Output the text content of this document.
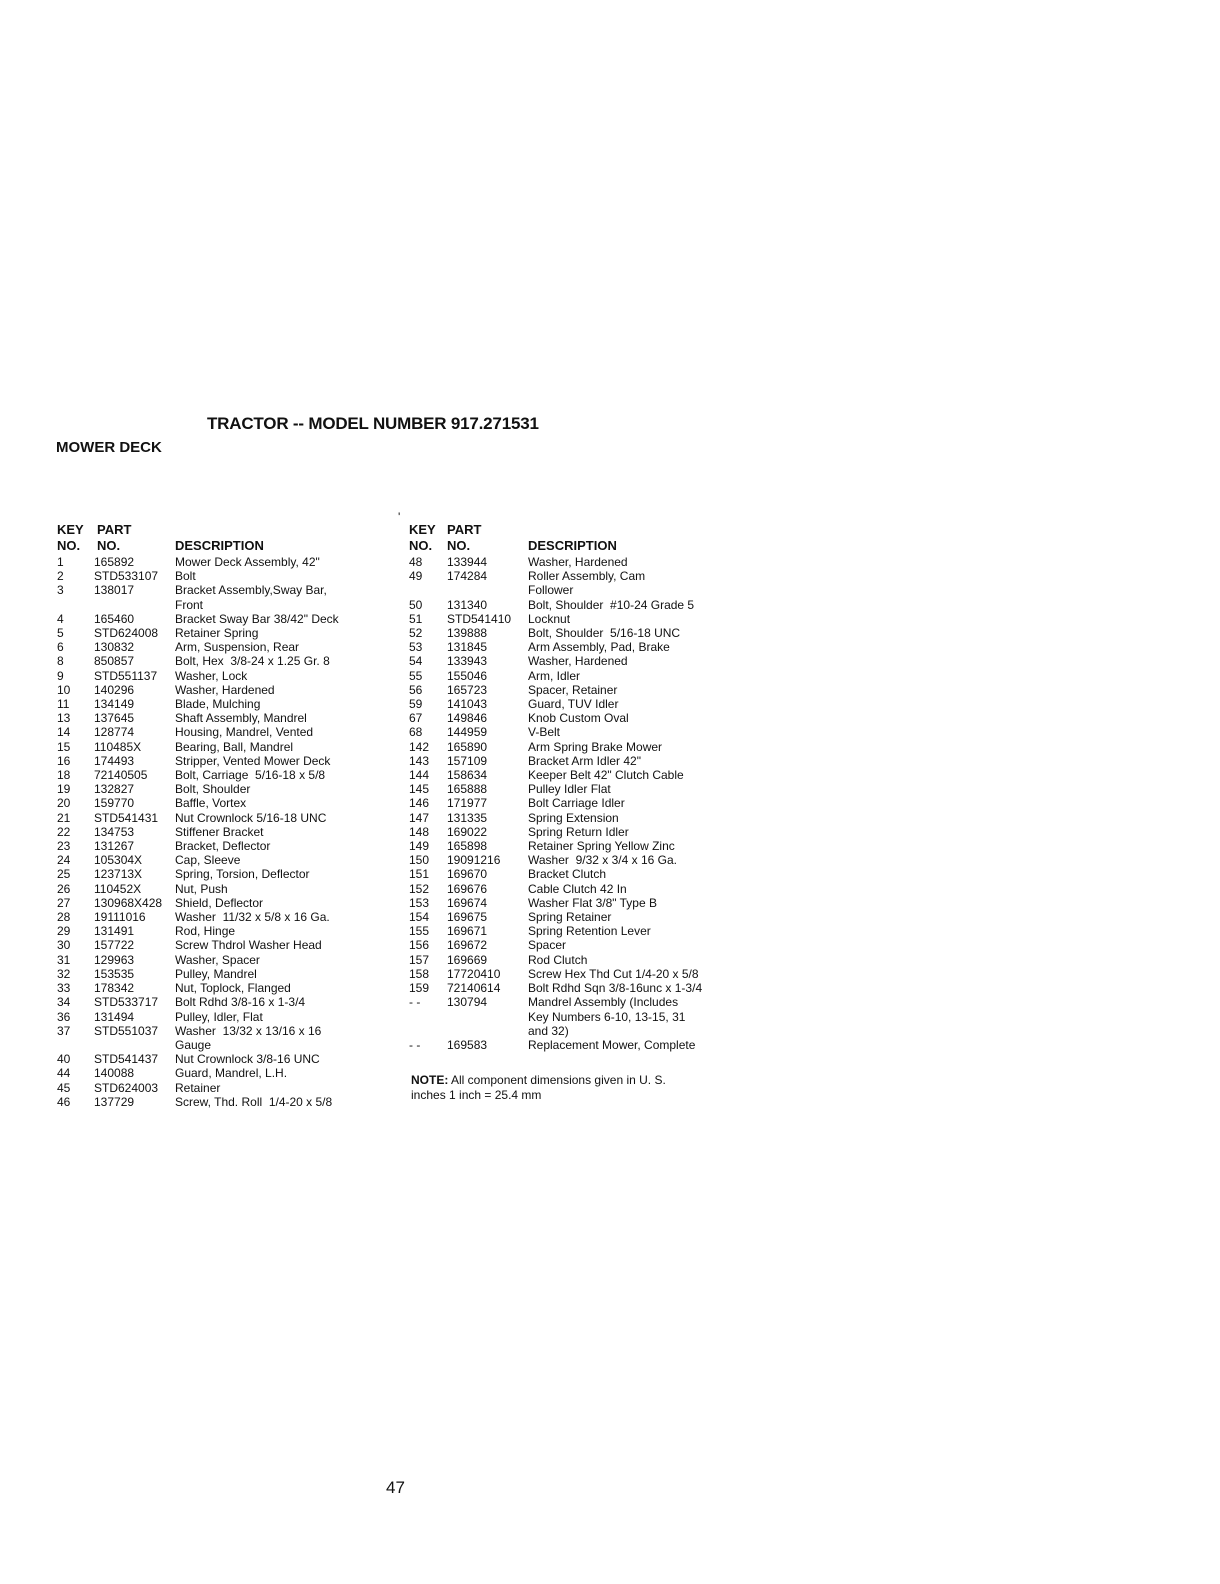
TRACTOR -- MODEL NUMBER 917.271531
MOWER DECK
'
KEY
NO.
PART
NO.	DESCRIPTION
1	165892	Mower Deck Assembly, 42"
2	STD533107 Bolt
3	138017	Bracket Assembly,Sway Bar,
Front
4	165460	Bracket Sway Bar 38/42" Deck
5	STD624008 Retainer Spring
6	130832	Arm, Suspension, Rear
8	850857	Bolt, Hex  3/8-24 x 1.25 Gr. 8
9	STD551137 Washer, Lock
10 140296	Washer, Hardened
11 134149	Blade, Mulching
13 137645	Shaft Assembly, Mandrel
14 128774	Housing, Mandrel, Vented
15 110485X	Bearing, Ball, Mandrel
16 174493	Stripper, Vented Mower Deck
18 72140505 Bolt, Carriage  5/16-18 x 5/8
19 132827	Bolt, Shoulder
20 159770	Baffle, Vortex
21 STD541431 Nut Crownlock 5/16-18 UNC
22 134753	Stiffener Bracket
23 131267	Bracket, Deflector
24 105304X	Cap, Sleeve
25 123713X	Spring, Torsion, Deflector
26 110452X	Nut, Push
27 130968X428 Shield, Deflector
28 19111016 Washer  11/32 x 5/8 x 16 Ga.
29 131491	Rod, Hinge
30 157722	Screw Thdrol Washer Head
31 129963	Washer, Spacer
32 153535	Pulley, Mandrel
33 178342	Nut, Toplock, Flanged
34 STD533717 Bolt Rdhd 3/8-16 x 1-3/4
36 131494	Pulley, Idler, Flat
37 STD551037 Washer  13/32 x 13/16 x 16
Gauge
40 STD541437 Nut Crownlock 3/8-16 UNC
44 140088	Guard, Mandrel, L.H.
45 STD624003 Retainer
46 137729	Screw, Thd. Roll  1/4-20 x 5/8
KEY
NO.
PART
NO.	DESCRIPTION
48 133944	Washer, Hardened
49 174284	Roller Assembly, Cam
Follower
50 131340	Bolt, Shoulder  #10-24 Grade 5
51 STD541410 Locknut
52 139888	Bolt, Shoulder  5/16-18 UNC
53 131845	Arm Assembly, Pad, Brake
54 133943	Washer, Hardened
55 155046	Arm, Idler
56 165723	Spacer, Retainer
59 141043	Guard, TUV Idler
67 149846	Knob Custom Oval
68 144959	V-Belt
142 165890	Arm Spring Brake Mower
143 157109	Bracket Arm Idler 42"
144 158634	Keeper Belt 42" Clutch Cable
145 165888	Pulley Idler Flat
146 171977	Bolt Carriage Idler
147 131335	Spring Extension
148 169022	Spring Return Idler
149 165898	Retainer Spring Yellow Zinc
150 19091216 Washer  9/32 x 3/4 x 16 Ga.
151 169670	Bracket Clutch
152 169676	Cable Clutch 42 In
153 169674	Washer Flat 3/8" Type B
154 169675	Spring Retainer
155 169671	Spring Retention Lever
156 169672	Spacer
157 169669	Rod Clutch
158 17720410 Screw Hex Thd Cut 1/4-20 x 5/8
159 72140614 Bolt Rdhd Sqn 3/8-16unc x 1-3/4
- - 130794	Mandrel Assembly (Includes
Key Numbers 6-10, 13-15, 31
and 32)
- - 169583	Replacement Mower, Complete
NOTE: All component dimensions given in U. S.
inches 1 inch = 25.4 mm
47
